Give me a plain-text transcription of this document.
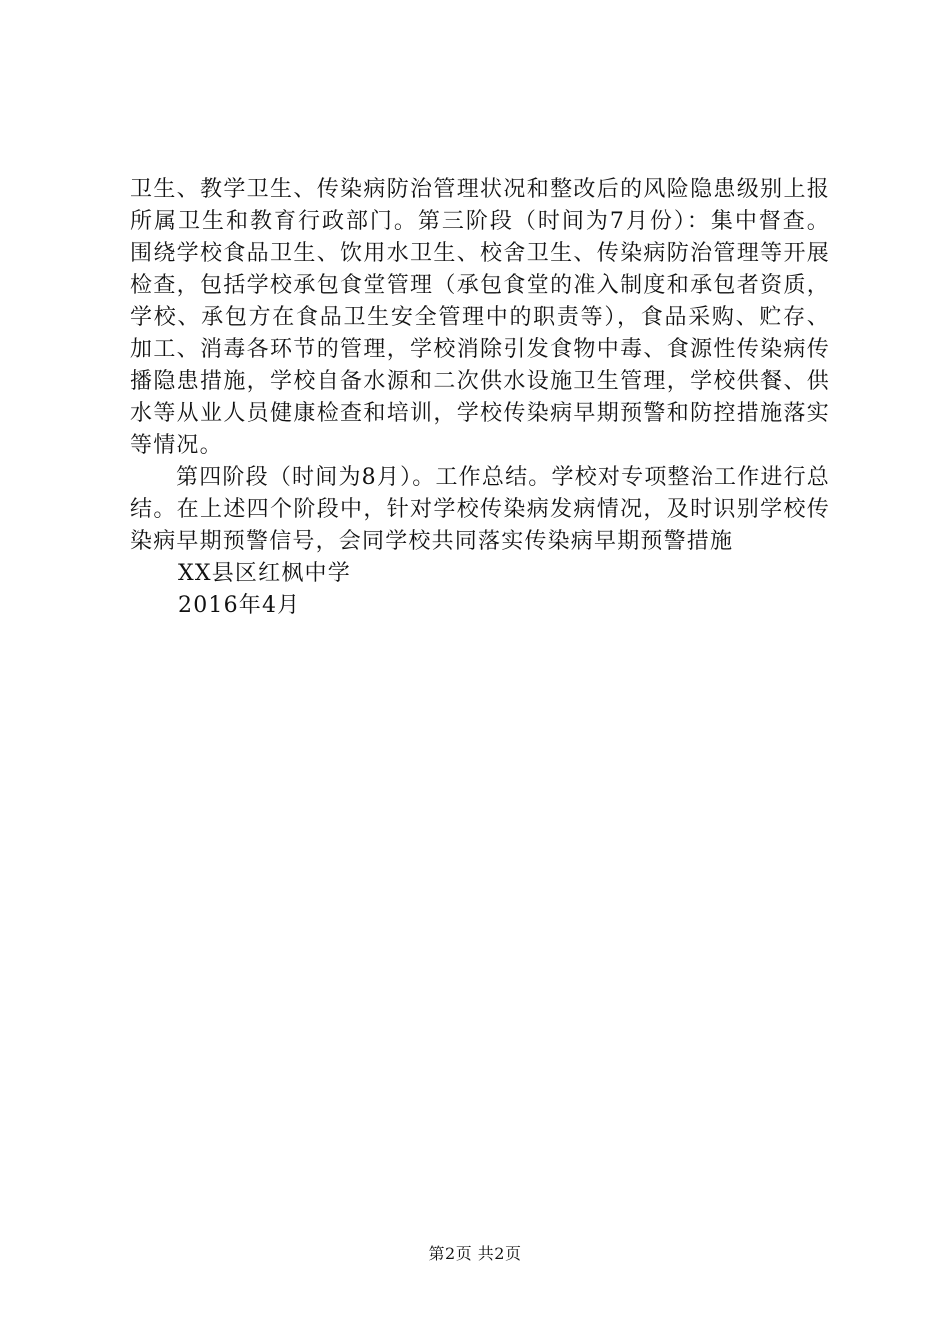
卫生、教学卫生、传染病防治管理状况和整改后的风险隐患级别上报所属卫生和教育行政部门。第三阶段（时间为7月份）：集中督查。围绕学校食品卫生、饮用水卫生、校舍卫生、传染病防治管理等开展检查，包括学校承包食堂管理（承包食堂的准入制度和承包者资质，学校、承包方在食品卫生安全管理中的职责等），食品采购、贮存、加工、消毒各环节的管理，学校消除引发食物中毒、食源性传染病传播隐患措施，学校自备水源和二次供水设施卫生管理，学校供餐、供水等从业人员健康检查和培训，学校传染病早期预警和防控措施落实等情况。

第四阶段（时间为8月）。工作总结。学校对专项整治工作进行总结。在上述四个阶段中，针对学校传染病发病情况，及时识别学校传染病早期预警信号，会同学校共同落实传染病早期预警措施

XX县区红枫中学

2016年4月

第2页 共2页
